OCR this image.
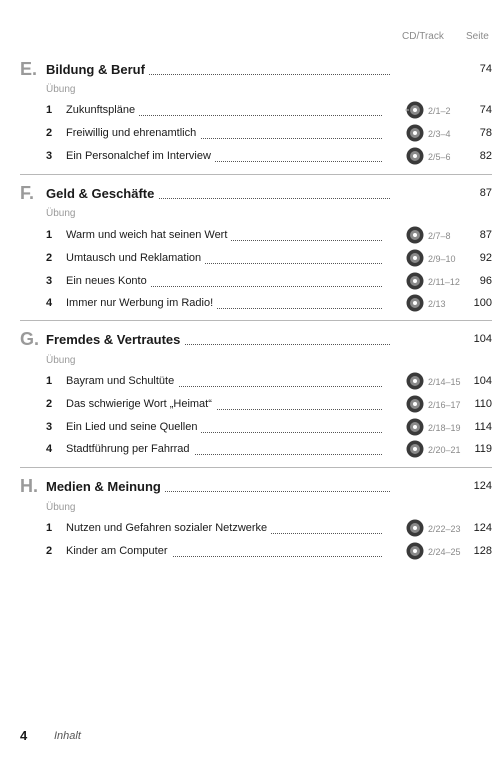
CD/Track Seite
E. Bildung & Beruf	74
Übung
1 Zukunftspläne	2/1–2	74
2 Freiwillig und ehrenamtlich	2/3–4	78
3 Ein Personalchef im Interview	2/5–6	82
F. Geld & Geschäfte	87
Übung
1 Warm und weich hat seinen Wert	2/7–8	87
2 Umtausch und Reklamation	2/9–10 92
3 Ein neues Konto	2/11–12 96
4 Immer nur Werbung im Radio!	2/13	100
G. Fremdes & Vertrautes	104
Übung
1 Bayram und Schultüte	2/14–15 104
2 Das schwierige Wort „Heimat“	2/16–17 110
3 Ein Lied und seine Quellen	2/18–19 114
4 Stadtführung per Fahrrad	2/20–21 119
H. Medien & Meinung	124
Übung
1 Nutzen und Gefahren sozialer Netzwerke	2/22–23 124
2 Kinder am Computer	2/24–25 128
4 Inhalt
